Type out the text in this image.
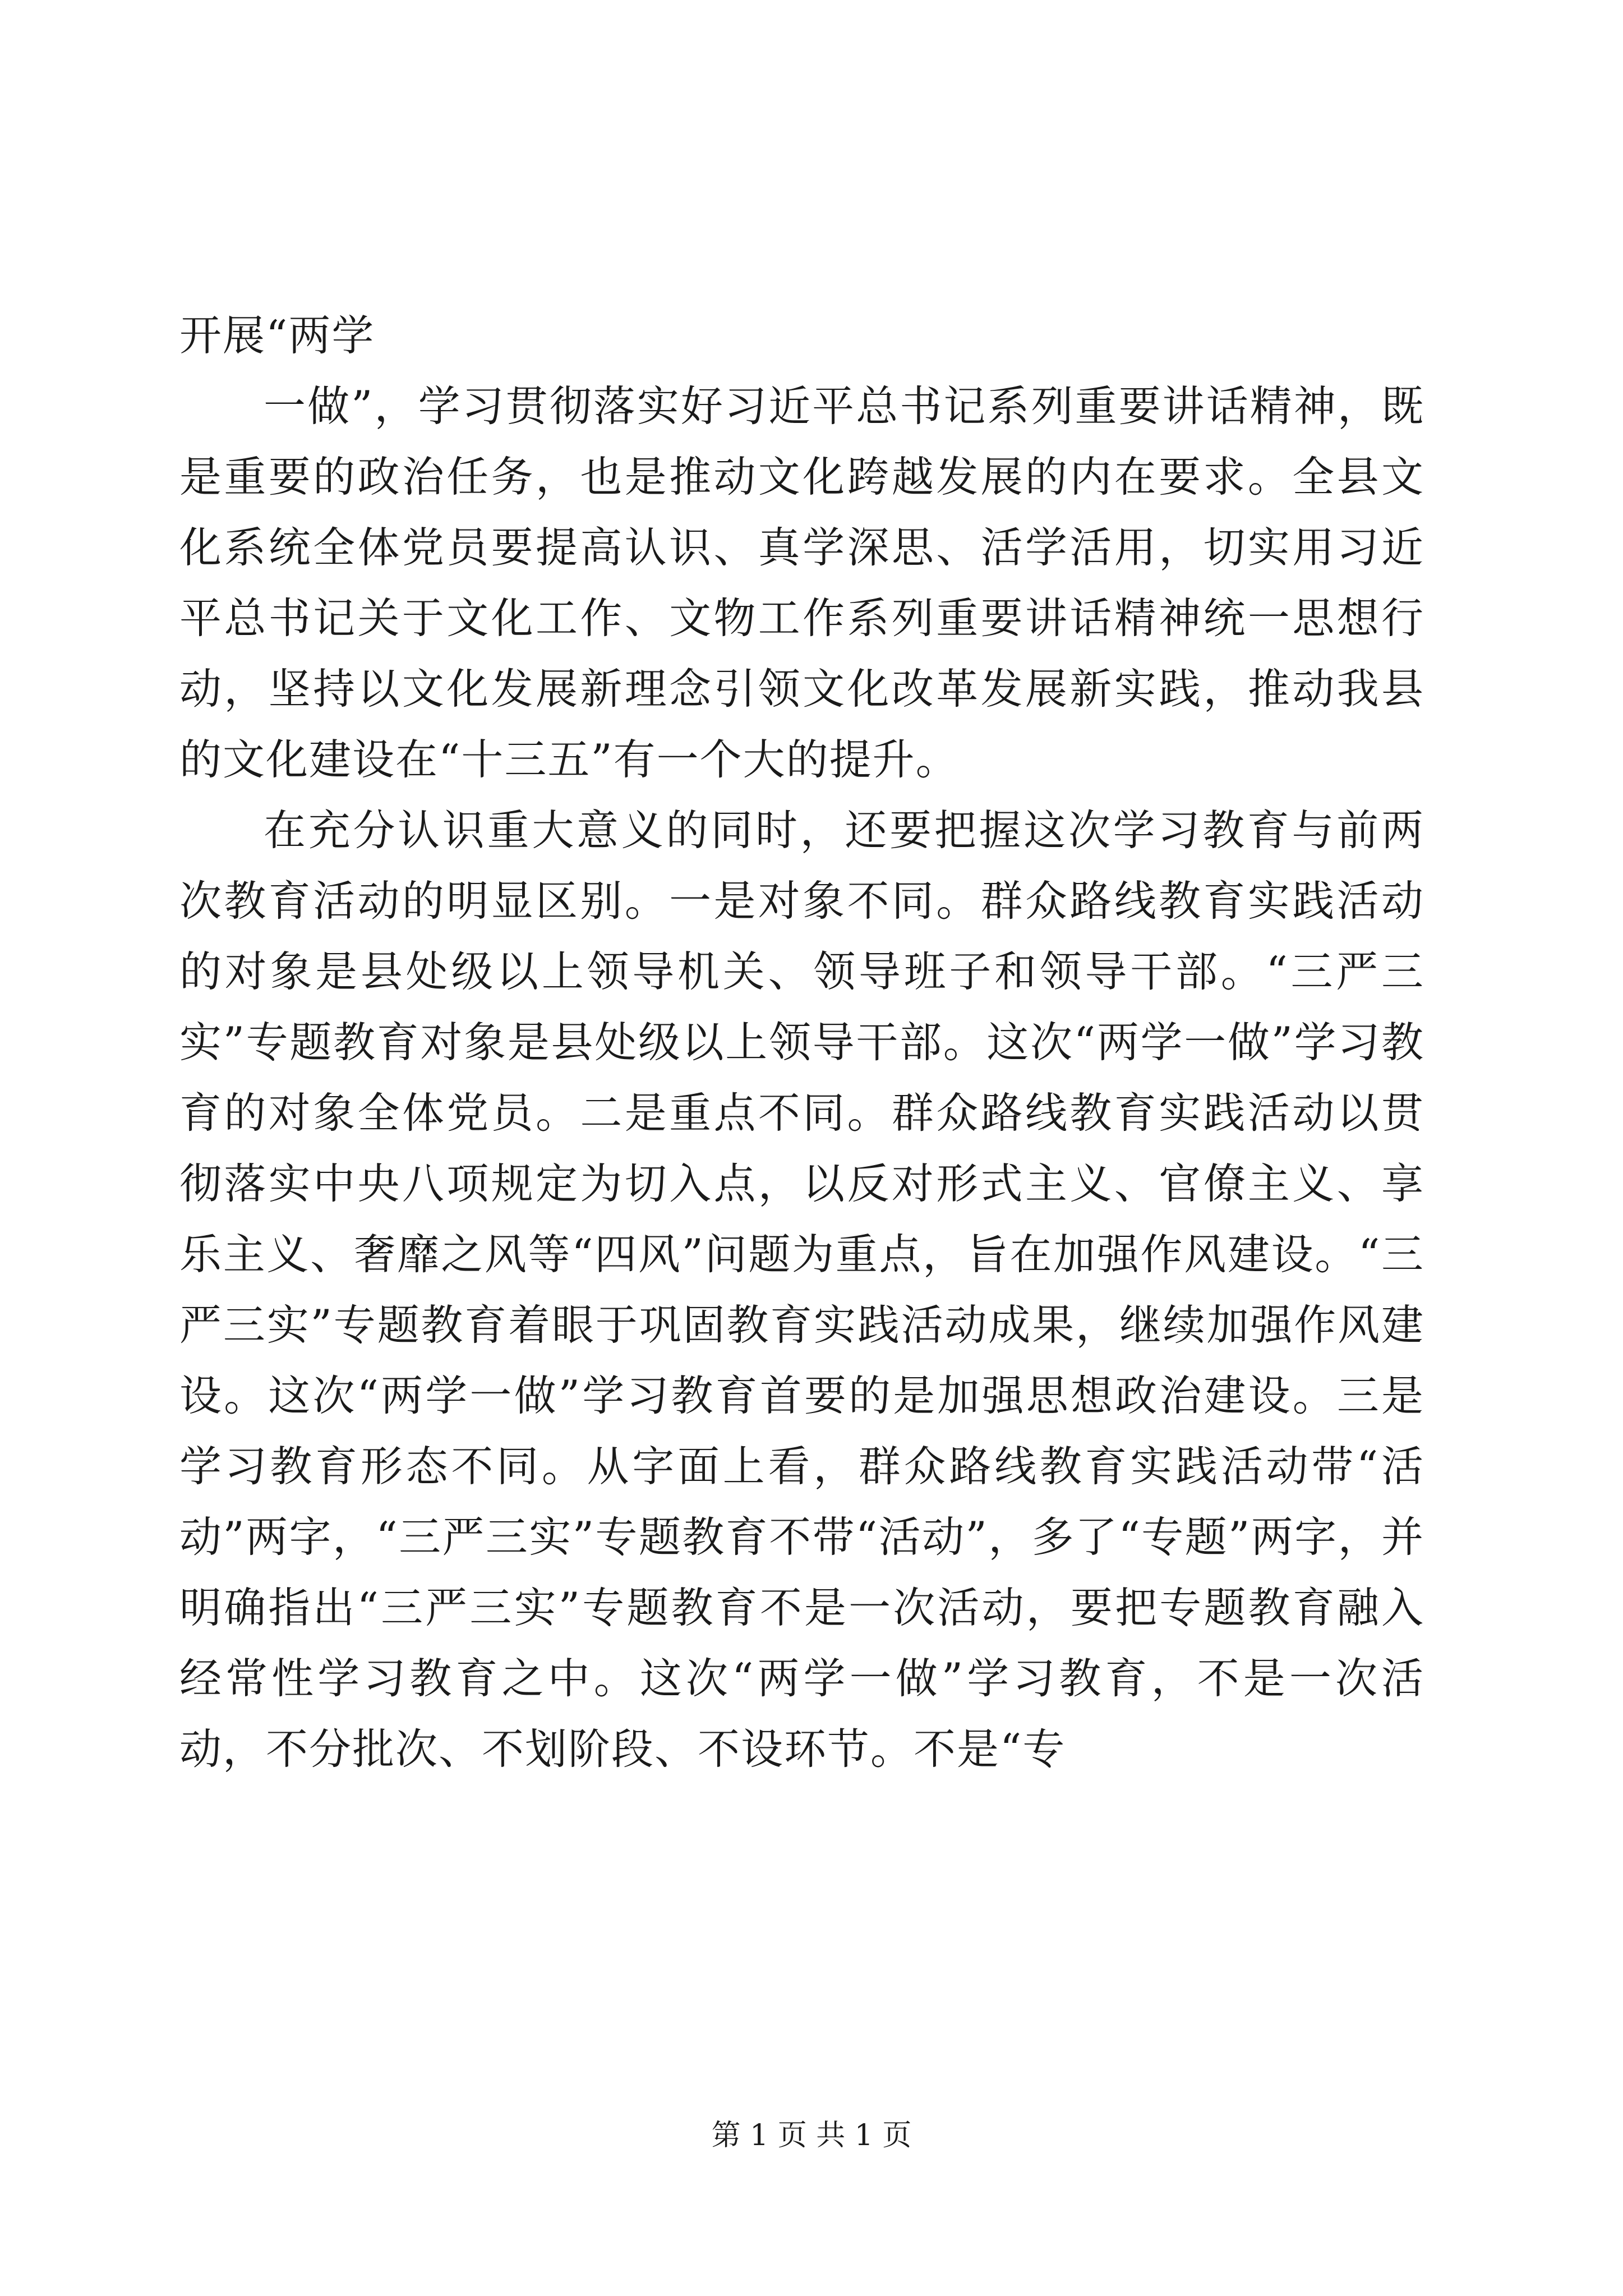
开展“两学

一做”，学习贯彻落实好习近平总书记系列重要讲话精神，既是重要的政治任务，也是推动文化跨越发展的内在要求。全县文化系统全体党员要提高认识、真学深思、活学活用，切实用习近平总书记关于文化工作、文物工作系列重要讲话精神统一思想行动，坚持以文化发展新理念引领文化改革发展新实践，推动我县的文化建设在“十三五”有一个大的提升。

在充分认识重大意义的同时，还要把握这次学习教育与前两次教育活动的明显区别。一是对象不同。群众路线教育实践活动的对象是县处级以上领导机关、领导班子和领导干部。“三严三实”专题教育对象是县处级以上领导干部。这次“两学一做”学习教育的对象全体党员。二是重点不同。群众路线教育实践活动以贯彻落实中央八项规定为切入点，以反对形式主义、官僚主义、享乐主义、奢靡之风等“四风”问题为重点，旨在加强作风建设。“三严三实”专题教育着眼于巩固教育实践活动成果，继续加强作风建设。这次“两学一做”学习教育首要的是加强思想政治建设。三是学习教育形态不同。从字面上看，群众路线教育实践活动带“活动”两字，“三严三实”专题教育不带“活动”，多了“专题”两字，并明确指出“三严三实”专题教育不是一次活动，要把专题教育融入经常性学习教育之中。这次“两学一做”学习教育，不是一次活动，不分批次、不划阶段、不设环节。不是“专

第 1 页 共 1 页
